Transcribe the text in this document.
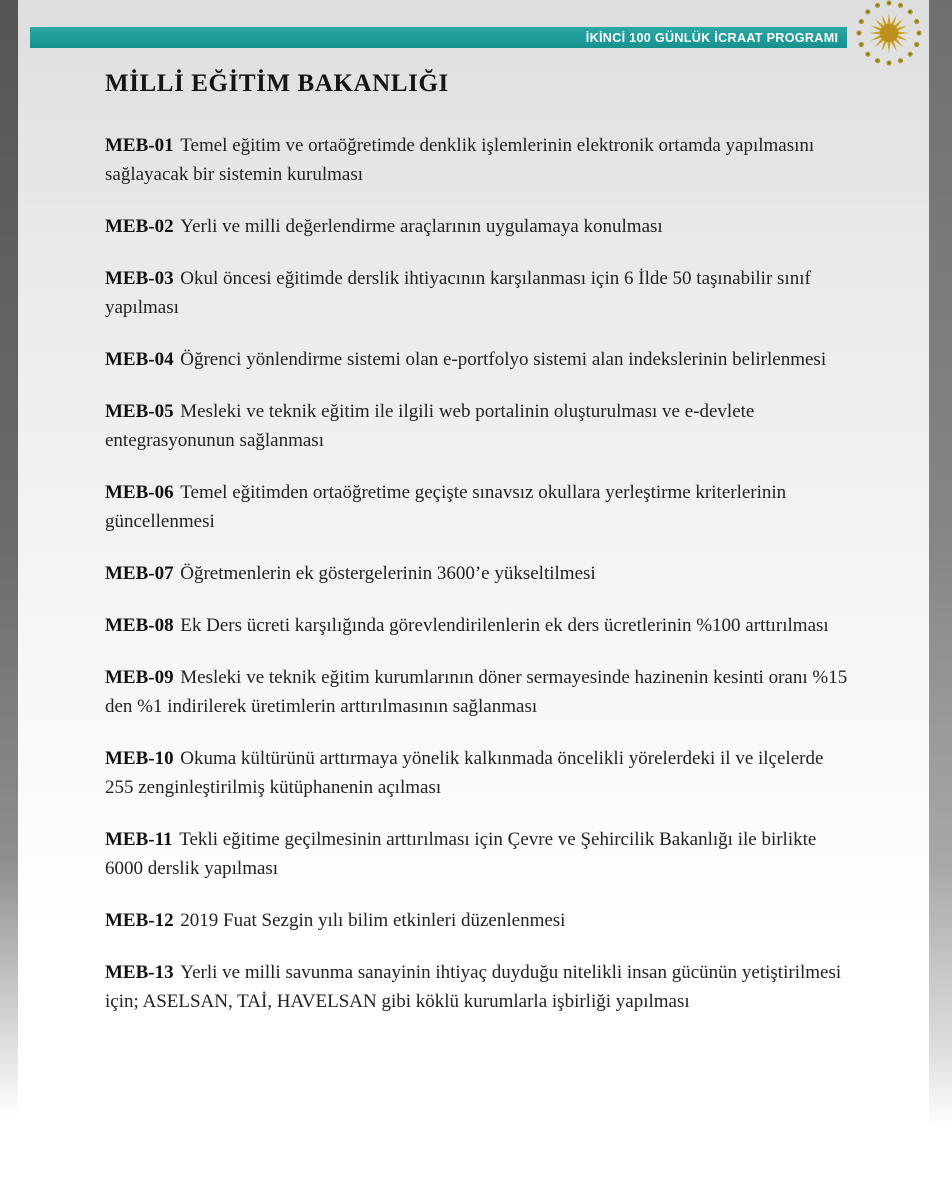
İKİNCİ 100 GÜNLÜK İCRAAT PROGRAMI
MİLLİ EĞİTİM BAKANLIĞI

MEB-01 Temel eğitim ve ortaöğretimde denklik işlemlerinin elektronik ortamda yapılmasını sağlayacak bir sistemin kurulması

MEB-02 Yerli ve milli değerlendirme araçlarının uygulamaya konulması

MEB-03 Okul öncesi eğitimde derslik ihtiyacının karşılanması için 6 İlde 50 taşınabilir sınıf yapılması

MEB-04 Öğrenci yönlendirme sistemi olan e-portfolyo sistemi alan indekslerinin belirlenmesi

MEB-05 Mesleki ve teknik eğitim ile ilgili web portalinin oluşturulması ve e-devlete entegrasyonunun sağlanması

MEB-06 Temel eğitimden ortaöğretime geçişte sınavsız okullara yerleştirme kriterlerinin güncellenmesi

MEB-07 Öğretmenlerin ek göstergelerinin 3600’e yükseltilmesi

MEB-08 Ek Ders ücreti karşılığında görevlendirilenlerin ek ders ücretlerinin %100 arttırılması

MEB-09 Mesleki ve teknik eğitim kurumlarının döner sermayesinde hazinenin kesinti oranı %15 den %1 indirilerek üretimlerin arttırılmasının sağlanması

MEB-10 Okuma kültürünü arttırmaya yönelik kalkınmada öncelikli yörelerdeki il ve ilçelerde 255 zenginleştirilmiş kütüphanenin açılması

MEB-11 Tekli eğitime geçilmesinin arttırılması için Çevre ve Şehircilik Bakanlığı ile birlikte 6000 derslik yapılması

MEB-12 2019 Fuat Sezgin yılı bilim etkinleri düzenlenmesi

MEB-13 Yerli ve milli savunma sanayinin ihtiyaç duyduğu nitelikli insan gücünün yetiştirilmesi için; ASELSAN, TAİ, HAVELSAN gibi köklü kurumlarla işbirliği yapılması
